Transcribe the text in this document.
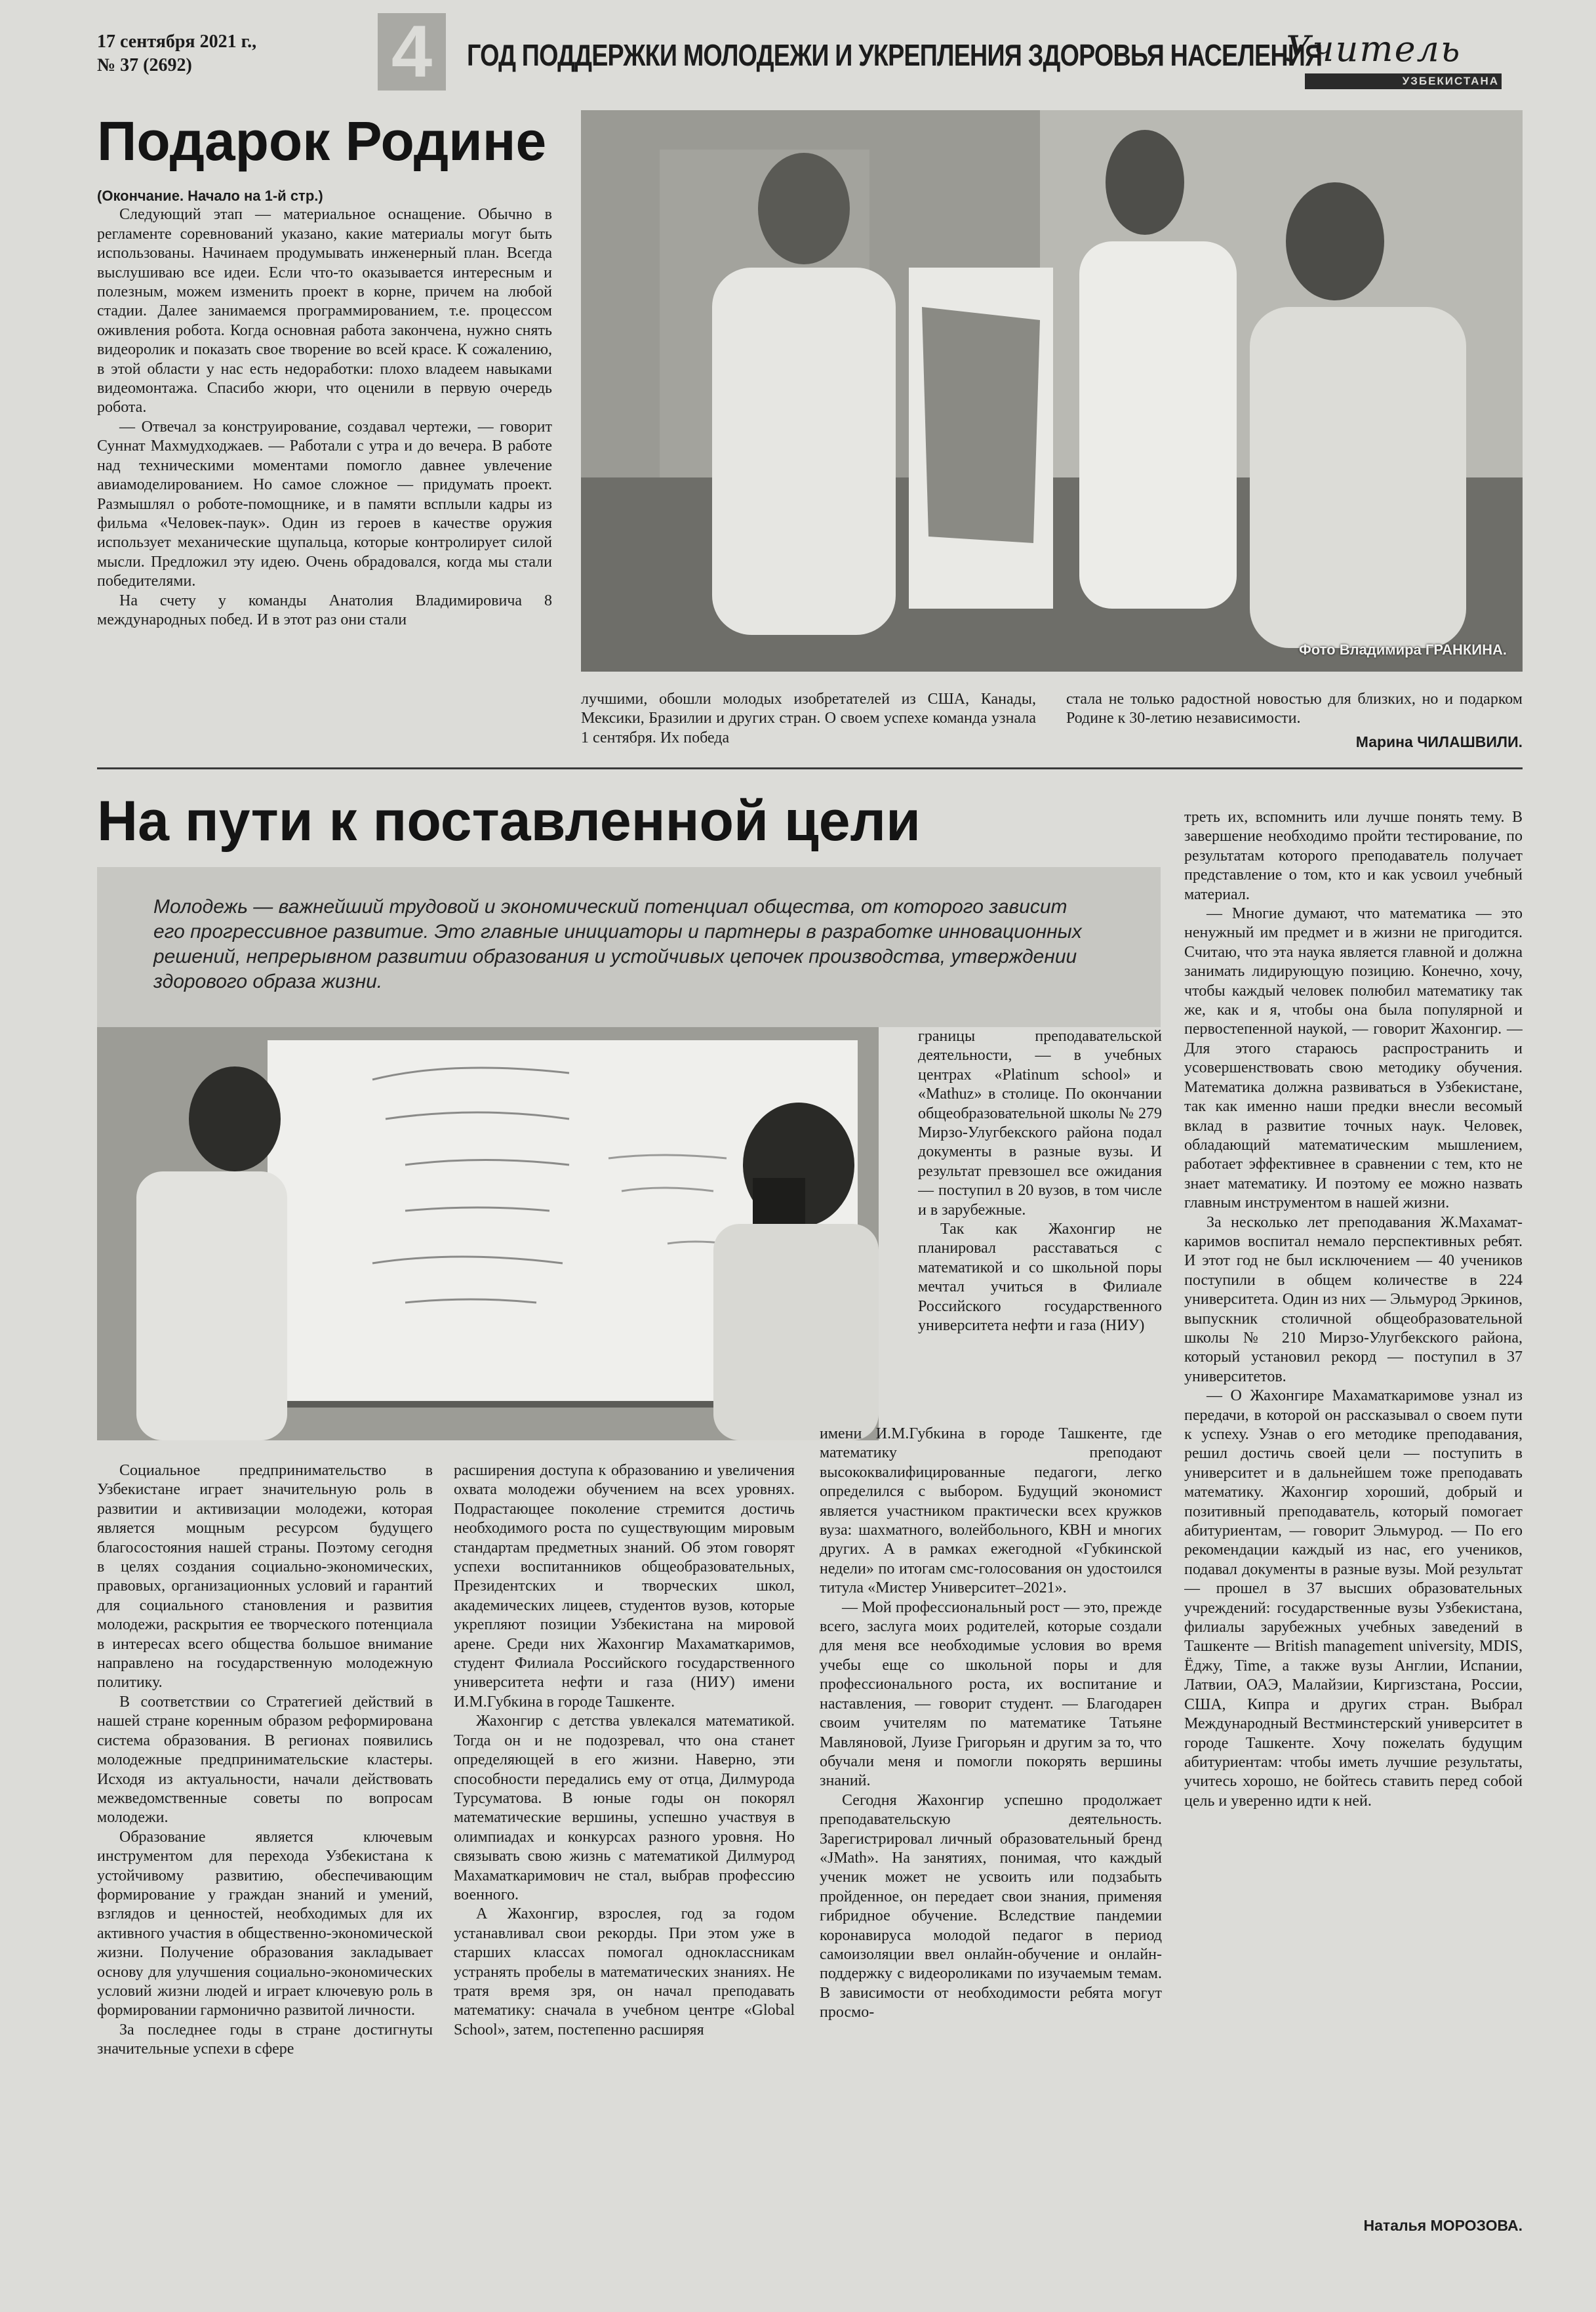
17 сентября 2021 г.,
№ 37 (2692)	4	ГОД ПОДДЕРЖКИ МОЛОДЕЖИ И УКРЕПЛЕНИЯ ЗДОРОВЬЯ НАСЕЛЕНИЯ
Учитель
УЗБЕКИСТАНА
Подарок Родине

(Окончание. Начало на 1-й стр.)

Следующий этап — материальное оснащение. Обычно в регламенте соревнований указано, какие материалы могут быть использованы. Начинаем продумывать инженерный план. Всегда выслушиваю все идеи. Если что-то оказывается интересным и полезным, можем изменить проект в корне, причем на любой стадии. Далее занимаемся программированием, т.е. процессом оживления робота. Когда основная работа закончена, нужно снять видеоролик и показать свое творение во всей красе. К сожалению, в этой области у нас есть недоработки: плохо владеем навыками видеомонтажа. Спасибо жюри, что оценили в первую очередь робота.

— Отвечал за конструирование, создавал чертежи, — говорит Суннат Махмудходжаев. — Работали с утра и до вечера. В работе над техническими моментами помогло давнее увлечение авиамоделированием. Но самое сложное — придумать проект. Размышлял о роботе-помощнике, и в памяти всплыли кадры из фильма «Человек-паук». Один из героев в качестве оружия использует механические щупальца, которые контролирует силой мысли. Предложил эту идею. Очень обрадовался, когда мы стали победителями.

На счету у команды Анатолия Владимировича 8 международных побед. И в этот раз они стали

Фото Владимира ГРАНКИНА.

лучшими, обошли молодых изобретателей из США, Канады, Мексики, Бразилии и других стран. О своем успехе команда узнала 1 сентября. Их победа

стала не только радостной новостью для близких, но и подарком Родине к 30-летию независимости.

Марина ЧИЛАШВИЛИ.
На пути к поставленной цели

Молодежь — важнейший трудовой и экономический потенциал общества, от которого зависит его прогрессивное развитие. Это главные инициаторы и партнеры в разработке инновационных решений, непрерывном развитии образования и устойчивых цепочек производства, утверждении здорового образа жизни.

треть их, вспомнить или лучше понять тему. В завершение необходимо пройти тестирование, по результатам которого преподаватель получает представление о том, кто и как усвоил учебный материал.

— Многие думают, что математика — это ненужный им предмет и в жизни не пригодится. Считаю, что эта наука является главной и должна занимать лидирующую позицию. Конечно, хочу, чтобы каждый человек полюбил математику так же, как и я, чтобы она была популярной и первостепенной наукой, — говорит Жахонгир. — Для этого стараюсь распространить и усовершенствовать свою методику обучения. Математика должна развиваться в Узбекистане, так как именно наши предки внесли весомый вклад в развитие точных наук. Человек, обладающий математическим мышлением, работает эффективнее в сравнении с тем, кто не знает математику. И поэтому ее можно назвать главным инструментом в нашей жизни.

За несколько лет преподавания Ж.Махамат-каримов воспитал немало перспективных ребят. И этот год не был исключением — 40 учеников поступили в общем количестве в 224 университета. Один из них — Эльмурод Эркинов, выпускник столичной общеобразовательной школы № 210 Мирзо-Улугбекского района, который установил рекорд — поступил в 37 университетов.

— О Жахонгире Махаматкаримове узнал из передачи, в которой он рассказывал о своем пути к успеху. Узнав о его методике преподавания, решил достичь своей цели — поступить в университет и в дальнейшем тоже преподавать математику. Жахонгир хороший, добрый и позитивный преподаватель, который помогает абитуриентам, — говорит Эльмурод. — По его рекомендации каждый из нас, его учеников, подавал документы в разные вузы. Мой результат — прошел в 37 высших образовательных учреждений: государственные вузы Узбекистана, филиалы зарубежных учебных заведений в Ташкенте — British management university, MDIS, Ёджу, Time, а также вузы Англии, Испании, Латвии, ОАЭ, Малайзии, Киргизстана, России, США, Кипра и других стран. Выбрал Международный Вестминстерский университет в городе Ташкенте. Хочу пожелать будущим абитуриентам: чтобы иметь лучшие результаты, учитесь хорошо, не бойтесь ставить перед собой цель и уверенно идти к ней.

Наталья МОРОЗОВА.

границы преподавательской деятельности, — в учебных центрах «Platinum school» и «Mathuz» в столице. По окончании общеобразовательной школы № 279 Мирзо-Улугбекского района подал документы в разные вузы. И результат превзошел все ожидания — поступил в 20 вузов, в том числе и в зарубежные.

Так как Жахонгир не планировал расставаться с математикой и со школьной поры мечтал учиться в Филиале Российского государственного университета нефти и газа (НИУ)

Социальное предпринимательство в Узбекистане играет значительную роль в развитии и активизации молодежи, которая является мощным ресурсом будущего благосостояния нашей страны. Поэтому сегодня в целях создания социально-экономических, правовых, организационных условий и гарантий для социального становления и развития молодежи, раскрытия ее творческого потенциала в интересах всего общества большое внимание направлено на государственную молодежную политику.

В соответствии со Стратегией действий в нашей стране коренным образом реформирована система образования. В регионах появились молодежные предпринимательские кластеры. Исходя из актуальности, начали действовать межведомственные советы по вопросам молодежи.

Образование является ключевым инструментом для перехода Узбекистана к устойчивому развитию, обеспечивающим формирование у граждан знаний и умений, взглядов и ценностей, необходимых для их активного участия в общественно-экономической жизни. Получение образования закладывает основу для улучшения социально-экономических условий жизни людей и играет ключевую роль в формировании гармонично развитой личности.

За последнее годы в стране достигнуты значительные успехи в сфере

расширения доступа к образованию и увеличения охвата молодежи обучением на всех уровнях. Подрастающее поколение стремится достичь необходимого роста по существующим мировым стандартам предметных знаний. Об этом говорят успехи воспитанников общеобразовательных, Президентских и творческих школ, академических лицеев, студентов вузов, которые укрепляют позиции Узбекистана на мировой арене. Среди них Жахонгир Махаматкаримов, студент Филиала Российского государственного университета нефти и газа (НИУ) имени И.М.Губкина в городе Ташкенте.

Жахонгир с детства увлекался математикой. Тогда он и не подозревал, что она станет определяющей в его жизни. Наверно, эти способности передались ему от отца, Дилмурода Турсуматова. В юные годы он покорял математические вершины, успешно участвуя в олимпиадах и конкурсах разного уровня. Но связывать свою жизнь с математикой Дилмурод Махаматкаримович не стал, выбрав профессию военного.

А Жахонгир, взрослея, год за годом устанавливал свои рекорды. При этом уже в старших классах помогал одноклассникам устранять пробелы в математических знаниях. Не тратя время зря, он начал преподавать математику: сначала в учебном центре «Global School», затем, постепенно расширяя

имени И.М.Губкина в городе Ташкенте, где математику преподают высококвалифицированные педагоги, легко определился с выбором. Будущий экономист является участником практически всех кружков вуза: шахматного, волейбольного, КВН и многих других. А в рамках ежегодной «Губкинской недели» по итогам смс-голосования он удостоился титула «Мистер Университет–2021».

— Мой профессиональный рост — это, прежде всего, заслуга моих родителей, которые создали для меня все необходимые условия во время учебы еще со школьной поры и для профессионального роста, их воспитание и наставления, — говорит студент. — Благодарен своим учителям по математике Татьяне Мавляновой, Луизе Григорьян и другим за то, что обучали меня и помогли покорять вершины знаний.

Сегодня Жахонгир успешно продолжает преподавательскую деятельность. Зарегистрировал личный образовательный бренд «JMath». На занятиях, понимая, что каждый ученик может не усвоить или подзабыть пройденное, он передает свои знания, применяя гибридное обучение. Вследствие пандемии коронавируса молодой педагог в период самоизоляции ввел онлайн-обучение и онлайн-поддержку с видеороликами по изучаемым темам. В зависимости от необходимости ребята могут просмо-
